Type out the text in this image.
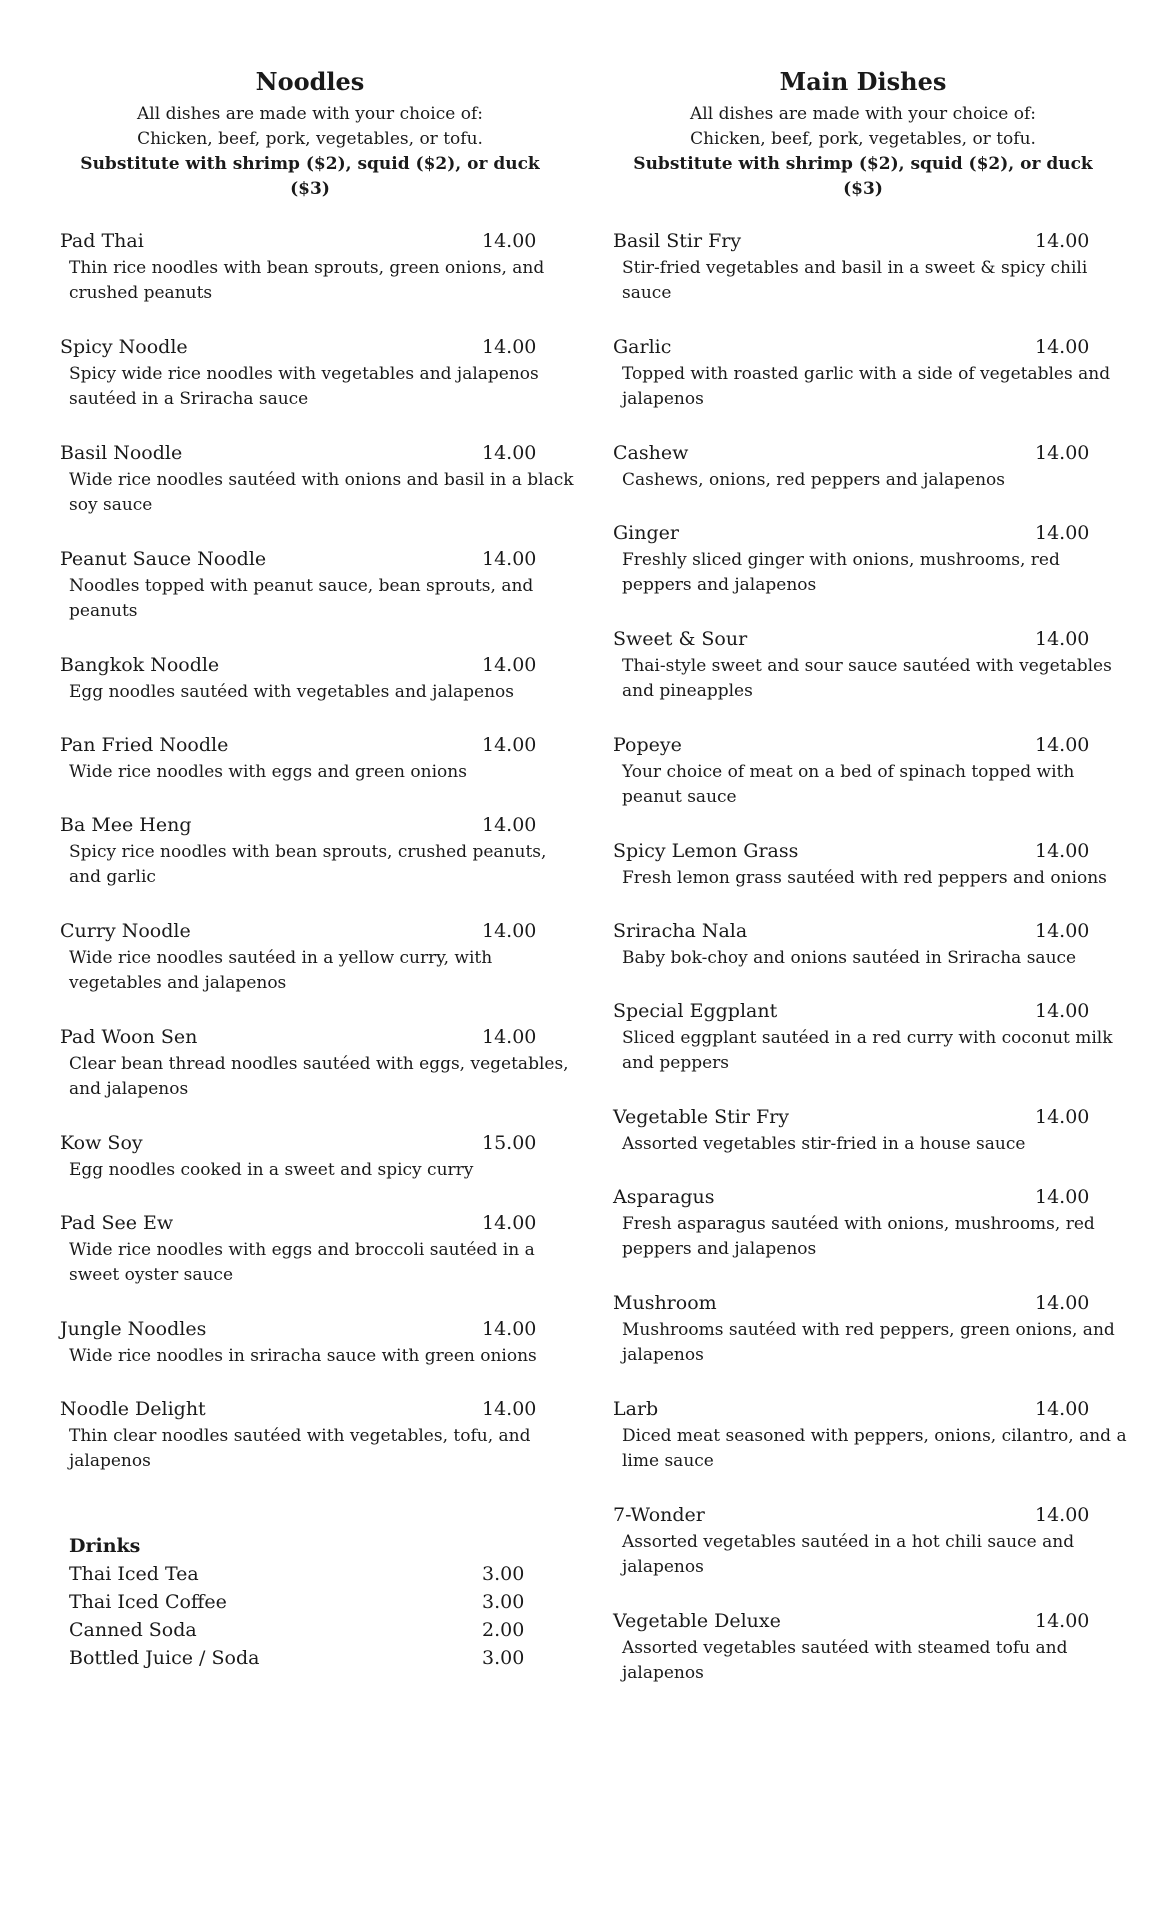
Noodles
All dishes are made with your choice of:
Chicken, beef, pork, vegetables, or tofu.
Substitute with shrimp ($2), squid ($2), or duck ($3)
Pad Thai	14.00
Thin rice noodles with bean sprouts, green onions, and crushed peanuts
Spicy Noodle	14.00
Spicy wide rice noodles with vegetables and jalapenos sautéed in a Sriracha sauce
Basil Noodle	14.00
Wide rice noodles sautéed with onions and basil in a black soy sauce
Peanut Sauce Noodle	14.00
Noodles topped with peanut sauce, bean sprouts, and peanuts
Bangkok Noodle	14.00
Egg noodles sautéed with vegetables and jalapenos
Pan Fried Noodle	14.00
Wide rice noodles with eggs and green onions
Ba Mee Heng	14.00
Spicy rice noodles with bean sprouts, crushed peanuts, and garlic
Curry Noodle	14.00
Wide rice noodles sautéed in a yellow curry, with vegetables and jalapenos
Pad Woon Sen	14.00
Clear bean thread noodles sautéed with eggs, vegetables, and jalapenos
Kow Soy	15.00
Egg noodles cooked in a sweet and spicy curry
Pad See Ew	14.00
Wide rice noodles with eggs and broccoli sautéed in a sweet oyster sauce
Jungle Noodles	14.00
Wide rice noodles in sriracha sauce with green onions
Noodle Delight	14.00
Thin clear noodles sautéed with vegetables, tofu, and jalapenos
Main Dishes
All dishes are made with your choice of:
Chicken, beef, pork, vegetables, or tofu.
Substitute with shrimp ($2), squid ($2), or duck ($3)
Basil Stir Fry	14.00
Stir-fried vegetables and basil in a sweet & spicy chili sauce
Garlic	14.00
Topped with roasted garlic with a side of vegetables and jalapenos
Cashew	14.00
Cashews, onions, red peppers and jalapenos
Ginger	14.00
Freshly sliced ginger with onions, mushrooms, red peppers and jalapenos
Sweet & Sour	14.00
Thai-style sweet and sour sauce sautéed with vegetables and pineapples
Popeye	14.00
Your choice of meat on a bed of spinach topped with peanut sauce
Spicy Lemon Grass	14.00
Fresh lemon grass sautéed with red peppers and onions
Sriracha Nala	14.00
Baby bok-choy and onions sautéed in Sriracha sauce
Special Eggplant	14.00
Sliced eggplant sautéed in a red curry with coconut milk and peppers
Vegetable Stir Fry	14.00
Assorted vegetables stir-fried in a house sauce
Asparagus	14.00
Fresh asparagus sautéed with onions, mushrooms, red peppers and jalapenos
Mushroom	14.00
Mushrooms sautéed with red peppers, green onions, and jalapenos
Larb	14.00
Diced meat seasoned with peppers, onions, cilantro, and a lime sauce
7-Wonder	14.00
Assorted vegetables sautéed in a hot chili sauce and jalapenos
Vegetable Deluxe	14.00
Assorted vegetables sautéed with steamed tofu and jalapenos
Drinks
Thai Iced Tea	3.00
Thai Iced Coffee	3.00
Canned Soda	2.00
Bottled Juice / Soda	3.00
